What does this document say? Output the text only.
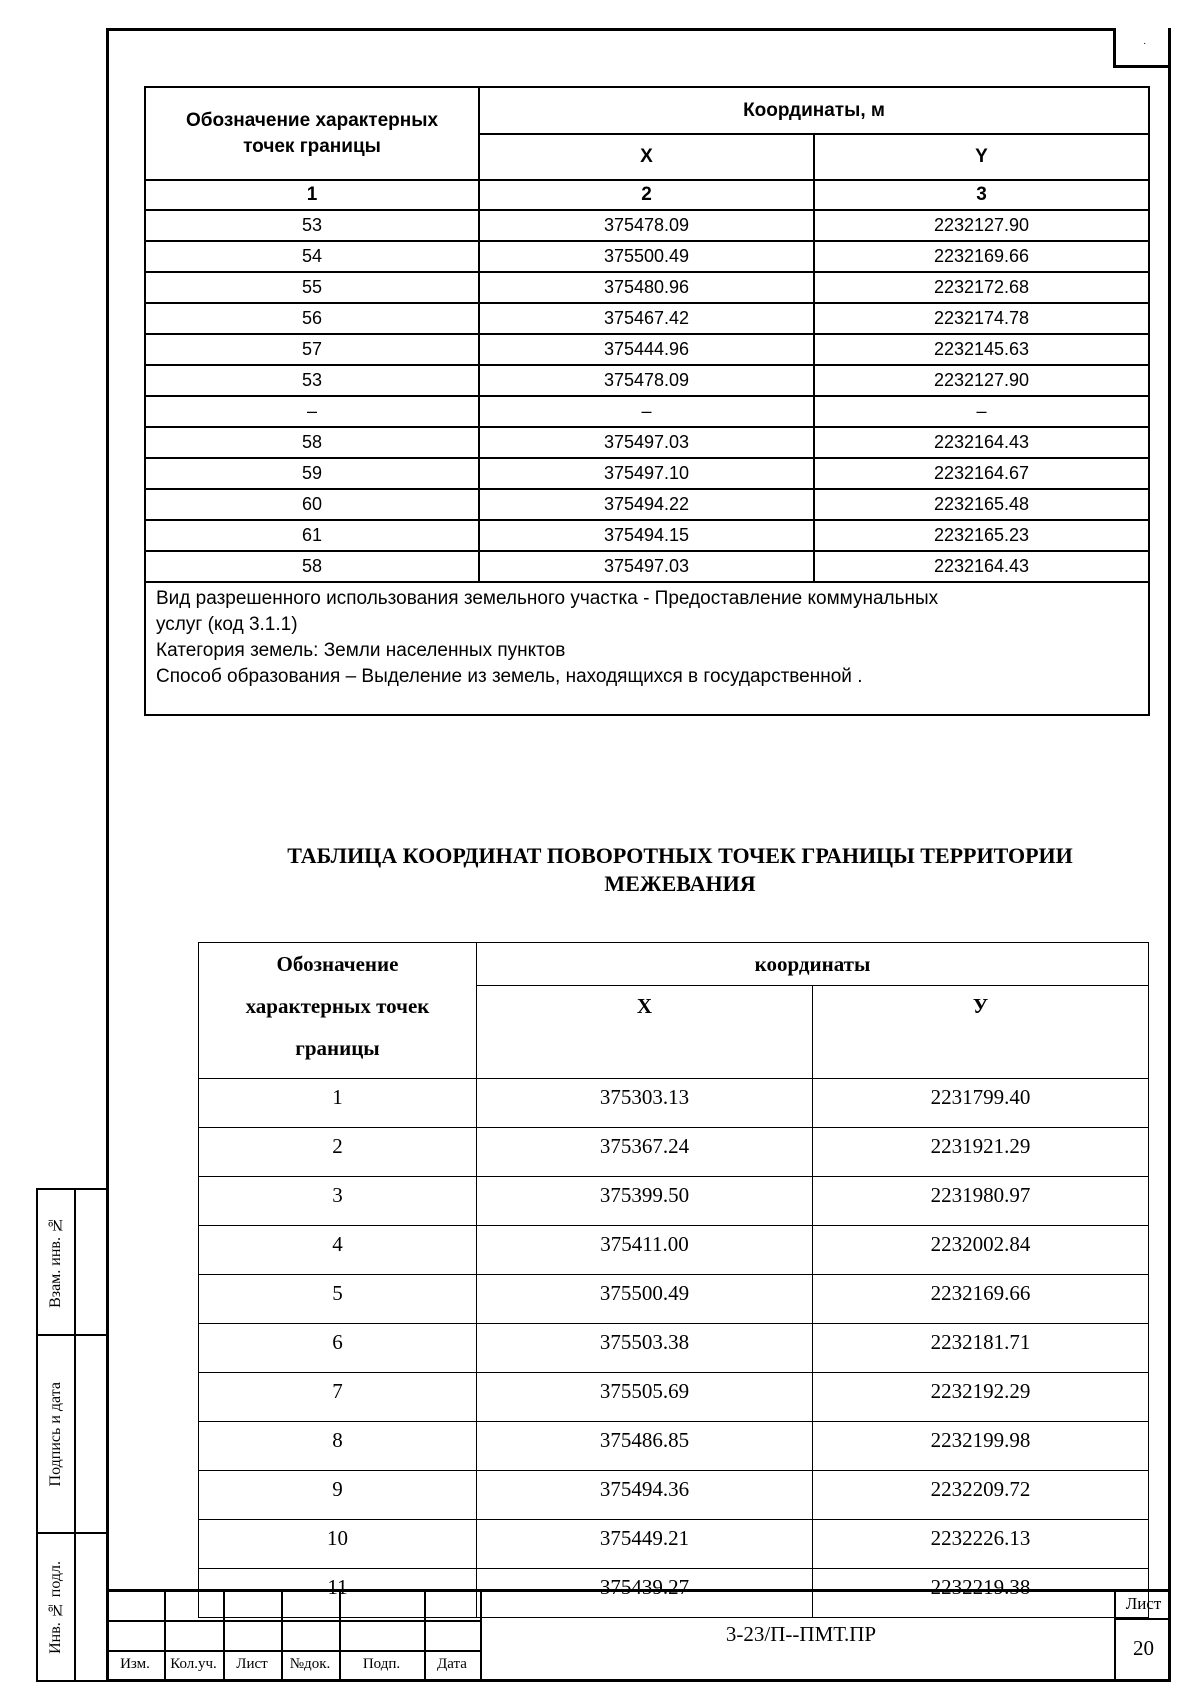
·
Обозначение характерных точек границы	Координаты, м	
	X	Y
1	2	3
53	375478.09	2232127.90
54	375500.49	2232169.66
55	375480.96	2232172.68
56	375467.42	2232174.78
57	375444.96	2232145.63
53	375478.09	2232127.90
–	–	–
58	375497.03	2232164.43
59	375497.10	2232164.67
60	375494.22	2232165.48
61	375494.15	2232165.23
58	375497.03	2232164.43

Вид разрешенного использования земельного участка - Предоставление коммунальных
услуг (код 3.1.1)
Категория земель: Земли населенных пунктов
Способ образования – Выделение из земель, находящихся в государственной .		
ТАБЛИЦА КООРДИНАТ ПОВОРОТНЫХ ТОЧЕК ГРАНИЦЫ ТЕРРИТОРИИ
МЕЖЕВАНИЯ
Обозначение
характерных точек
границы	координаты	
	X	У
1	375303.13	2231799.40
2	375367.24	2231921.29
3	375399.50	2231980.97
4	375411.00	2232002.84
5	375500.49	2232169.66
6	375503.38	2232181.71
7	375505.69	2232192.29
8	375486.85	2232199.98
9	375494.36	2232209.72
10	375449.21	2232226.13
11	375439.27	2232219.38
Взам. инв. №
Подпись и дата
Инв. № подл.
Изм.	Кол.уч.	Лист	№док.	Подп.	Дата
3-23/П--ПМТ.ПР
Лист
20
